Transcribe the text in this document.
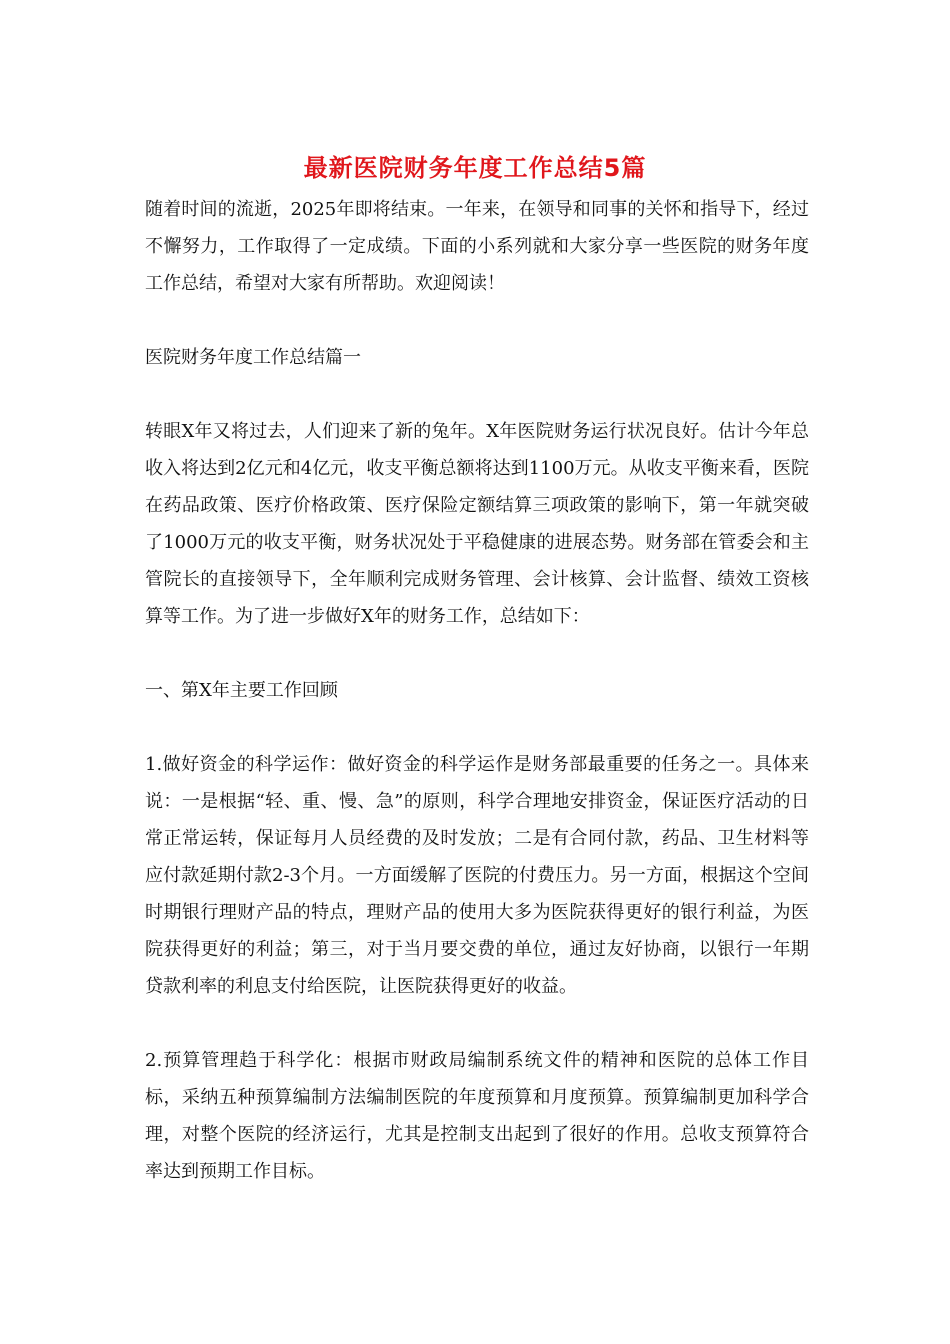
最新医院财务年度工作总结5篇

随着时间的流逝，2025年即将结束。一年来，在领导和同事的关怀和指导下，经过不懈努力，工作取得了一定成绩。下面的小系列就和大家分享一些医院的财务年度工作总结，希望对大家有所帮助。欢迎阅读！

医院财务年度工作总结篇一

转眼X年又将过去，人们迎来了新的兔年。X年医院财务运行状况良好。估计今年总收入将达到2亿元和4亿元，收支平衡总额将达到1100万元。从收支平衡来看，医院在药品政策、医疗价格政策、医疗保险定额结算三项政策的影响下，第一年就突破了1000万元的收支平衡，财务状况处于平稳健康的进展态势。财务部在管委会和主管院长的直接领导下，全年顺利完成财务管理、会计核算、会计监督、绩效工资核算等工作。为了进一步做好X年的财务工作，总结如下：

一、第X年主要工作回顾

1.做好资金的科学运作：做好资金的科学运作是财务部最重要的任务之一。具体来说：一是根据“轻、重、慢、急”的原则，科学合理地安排资金，保证医疗活动的日常正常运转，保证每月人员经费的及时发放；二是有合同付款，药品、卫生材料等应付款延期付款2-3个月。一方面缓解了医院的付费压力。另一方面，根据这个空间时期银行理财产品的特点，理财产品的使用大多为医院获得更好的银行利益，为医院获得更好的利益；第三，对于当月要交费的单位，通过友好协商，以银行一年期贷款利率的利息支付给医院，让医院获得更好的收益。

2.预算管理趋于科学化：根据市财政局编制系统文件的精神和医院的总体工作目标，采纳五种预算编制方法编制医院的年度预算和月度预算。预算编制更加科学合理，对整个医院的经济运行，尤其是控制支出起到了很好的作用。总收支预算符合率达到预期工作目标。
